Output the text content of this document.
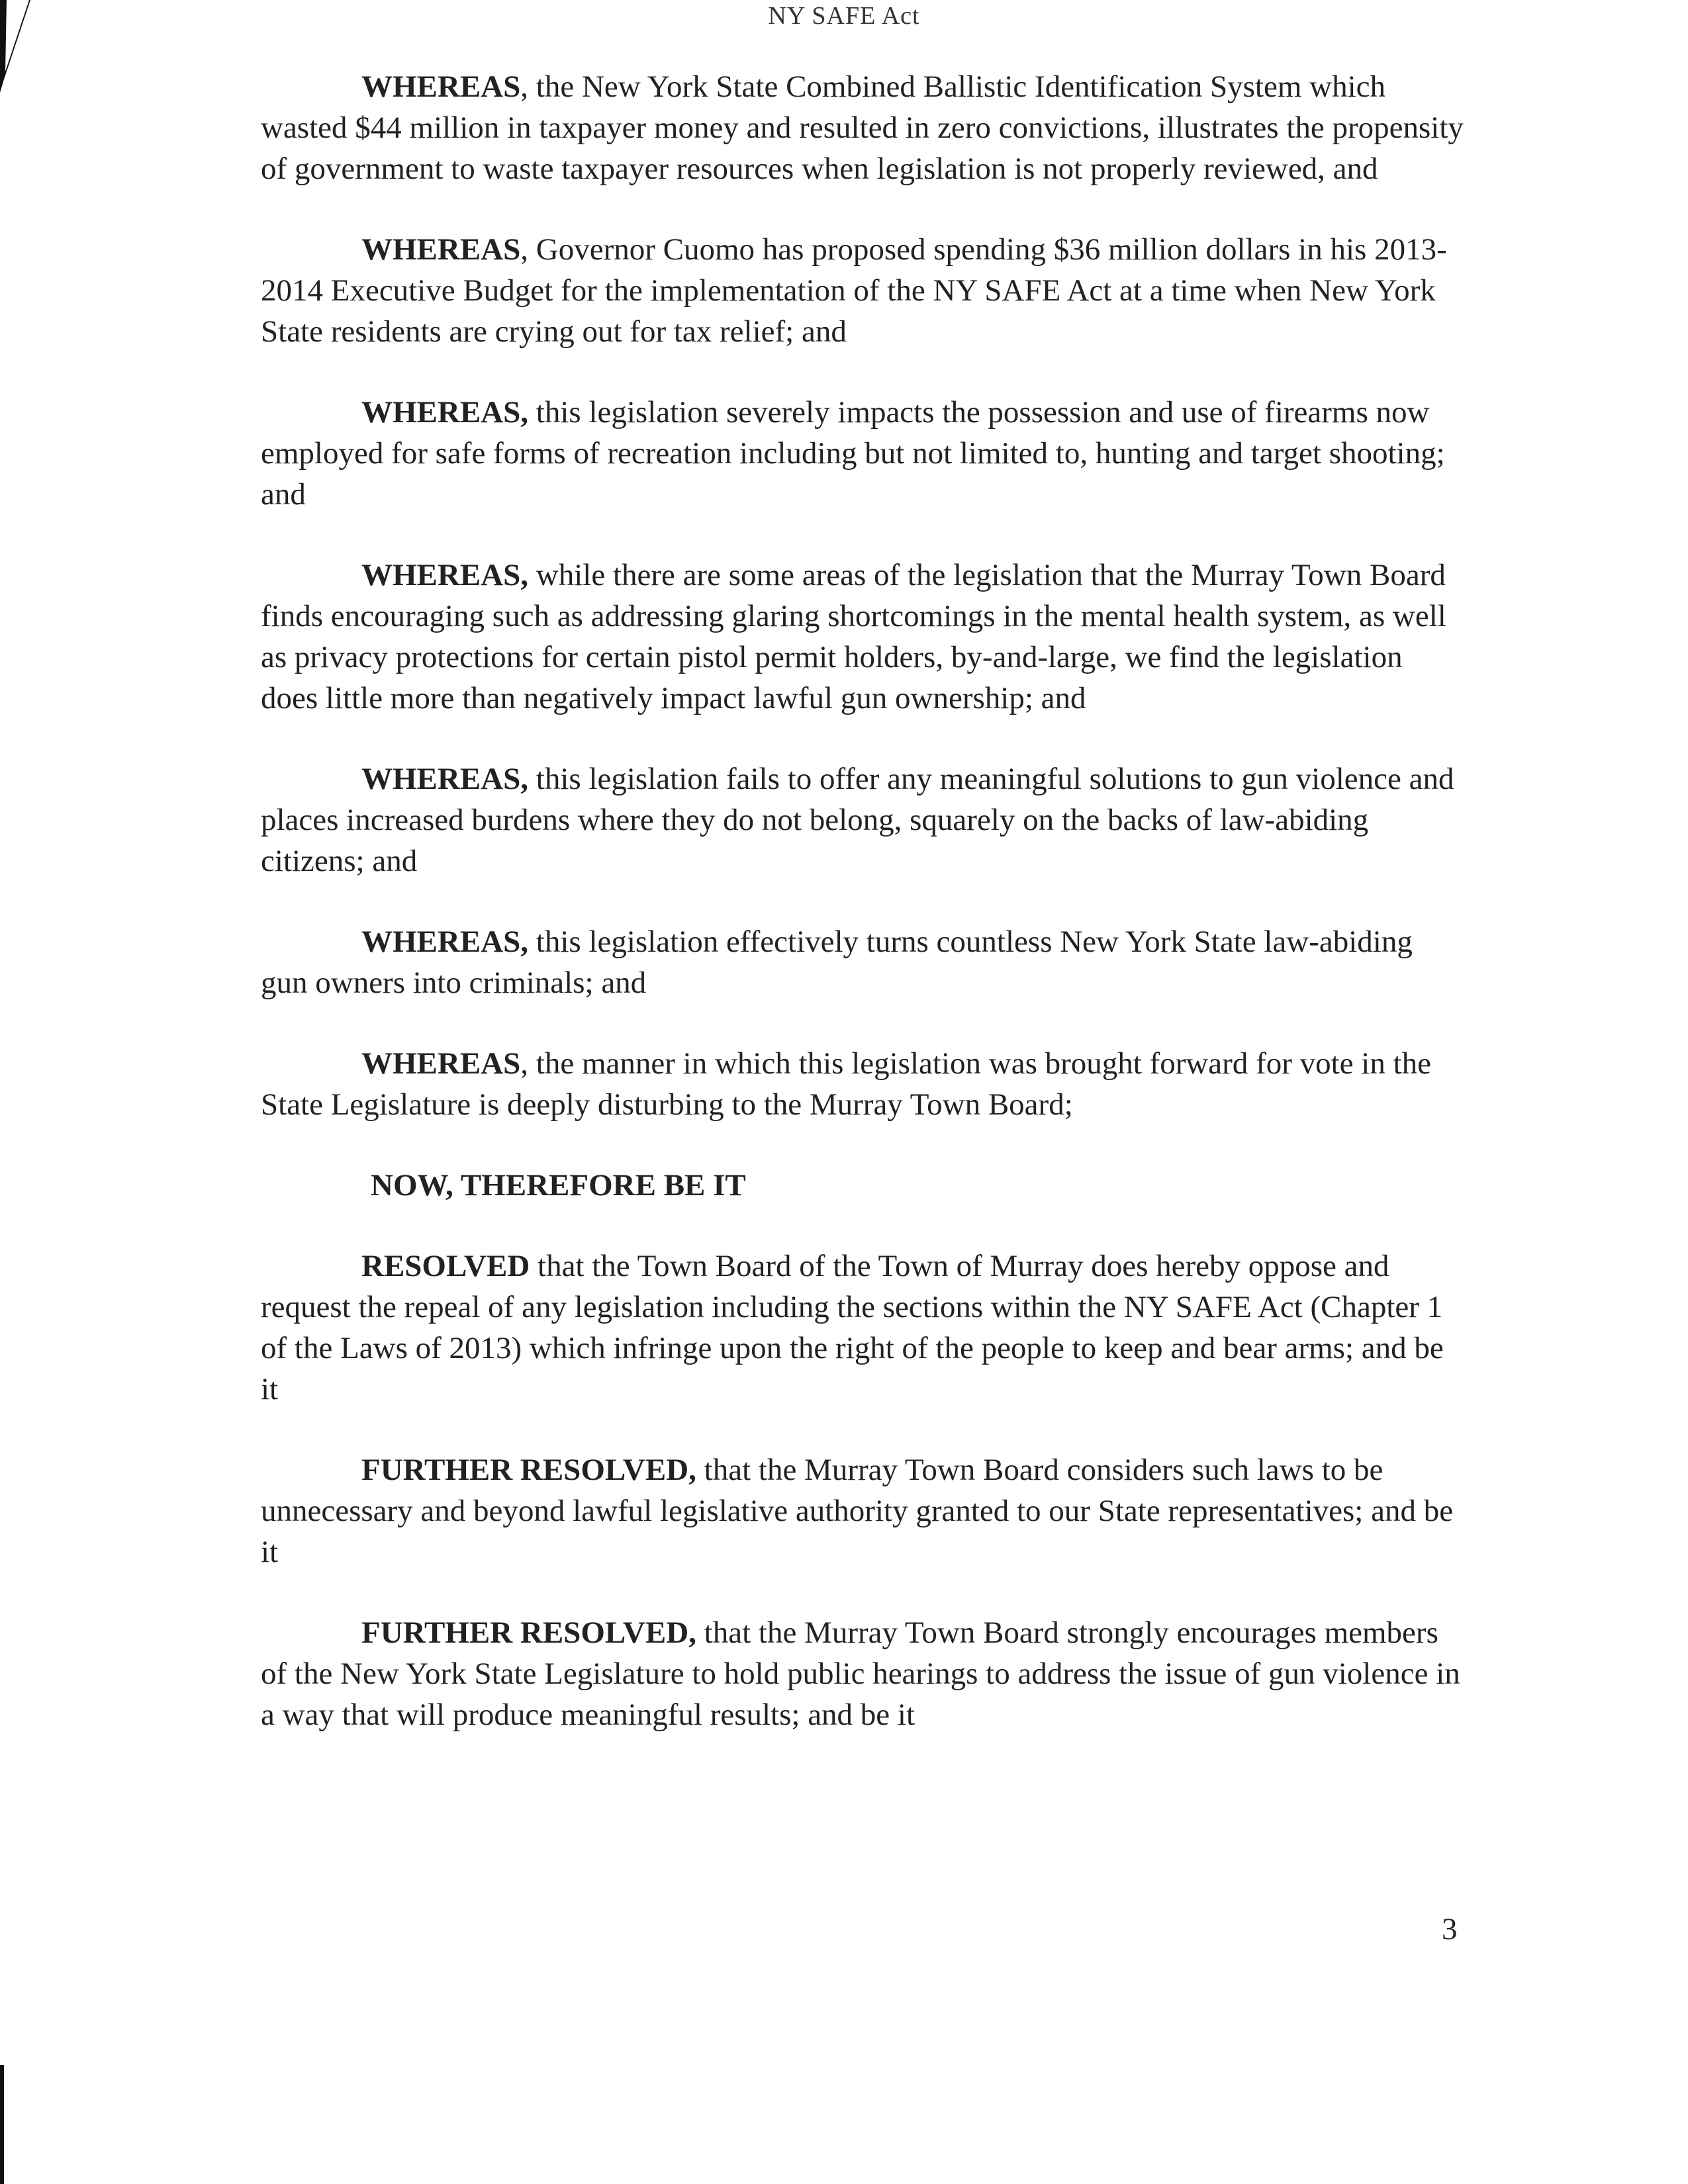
NY SAFE Act

WHEREAS, the New York State Combined Ballistic Identification System which wasted $44 million in taxpayer money and resulted in zero convictions, illustrates the propensity of government to waste taxpayer resources when legislation is not properly reviewed, and

WHEREAS, Governor Cuomo has proposed spending $36 million dollars in his 2013-2014 Executive Budget for the implementation of the NY SAFE Act at a time when New York State residents are crying out for tax relief; and

WHEREAS, this legislation severely impacts the possession and use of firearms now employed for safe forms of recreation including but not limited to, hunting and target shooting; and

WHEREAS, while there are some areas of the legislation that the Murray Town Board finds encouraging such as addressing glaring shortcomings in the mental health system, as well as privacy protections for certain pistol permit holders, by-and-large, we find the legislation does little more than negatively impact lawful gun ownership; and

WHEREAS, this legislation fails to offer any meaningful solutions to gun violence and places increased burdens where they do not belong, squarely on the backs of law-abiding citizens; and

WHEREAS, this legislation effectively turns countless New York State law-abiding gun owners into criminals; and

WHEREAS, the manner in which this legislation was brought forward for vote in the State Legislature is deeply disturbing to the Murray Town Board;

NOW, THEREFORE BE IT

RESOLVED that the Town Board of the Town of Murray does hereby oppose and request the repeal of any legislation including the sections within the NY SAFE Act (Chapter 1 of the Laws of 2013) which infringe upon the right of the people to keep and bear arms; and be it

FURTHER RESOLVED, that the Murray Town Board considers such laws to be unnecessary and beyond lawful legislative authority granted to our State representatives; and be it

FURTHER RESOLVED, that the Murray Town Board strongly encourages members of the New York State Legislature to hold public hearings to address the issue of gun violence in a way that will produce meaningful results; and be it

3
